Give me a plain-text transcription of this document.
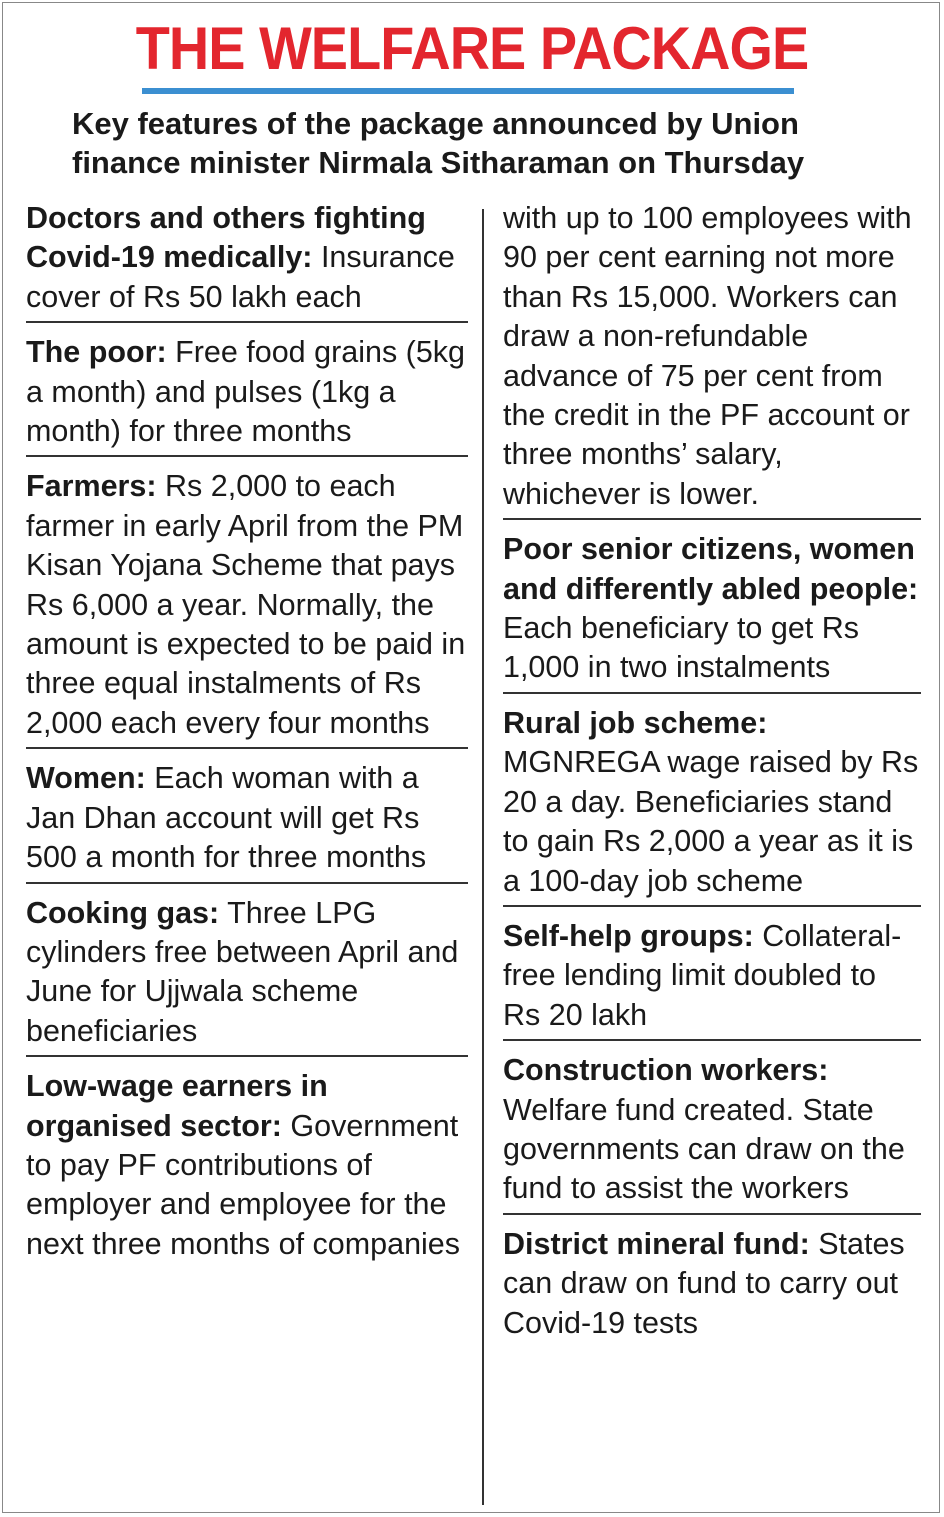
THE WELFARE PACKAGE
Key features of the package announced by Union finance minister Nirmala Sitharaman on Thursday
Doctors and others fighting Covid-19 medically: Insurance cover of Rs 50 lakh each
The poor: Free food grains (5kg a month) and pulses (1kg a month) for three months
Farmers: Rs 2,000 to each farmer in early April from the PM Kisan Yojana Scheme that pays Rs 6,000 a year. Normally, the amount is expected to be paid in three equal instalments of Rs 2,000 each every four months
Women: Each woman with a Jan Dhan account will get Rs 500 a month for three months
Cooking gas: Three LPG cylinders free between April and June for Ujjwala scheme beneficiaries
Low-wage earners in organised sector: Government to pay PF contributions of employer and employee for the next three months of companies
with up to 100 employees with 90 per cent earning not more than Rs 15,000. Workers can draw a non-refundable advance of 75 per cent from the credit in the PF account or three months’ salary, whichever is lower.
Poor senior citizens, women and differently abled people: Each beneficiary to get Rs 1,000 in two instalments
Rural job scheme: MGNREGA wage raised by Rs 20 a day. Beneficiaries stand to gain Rs 2,000 a year as it is a 100-day job scheme
Self-help groups: Collateral-free lending limit doubled to Rs 20 lakh
Construction workers: Welfare fund created. State governments can draw on the fund to assist the workers
District mineral fund: States can draw on fund to carry out Covid-19 tests
